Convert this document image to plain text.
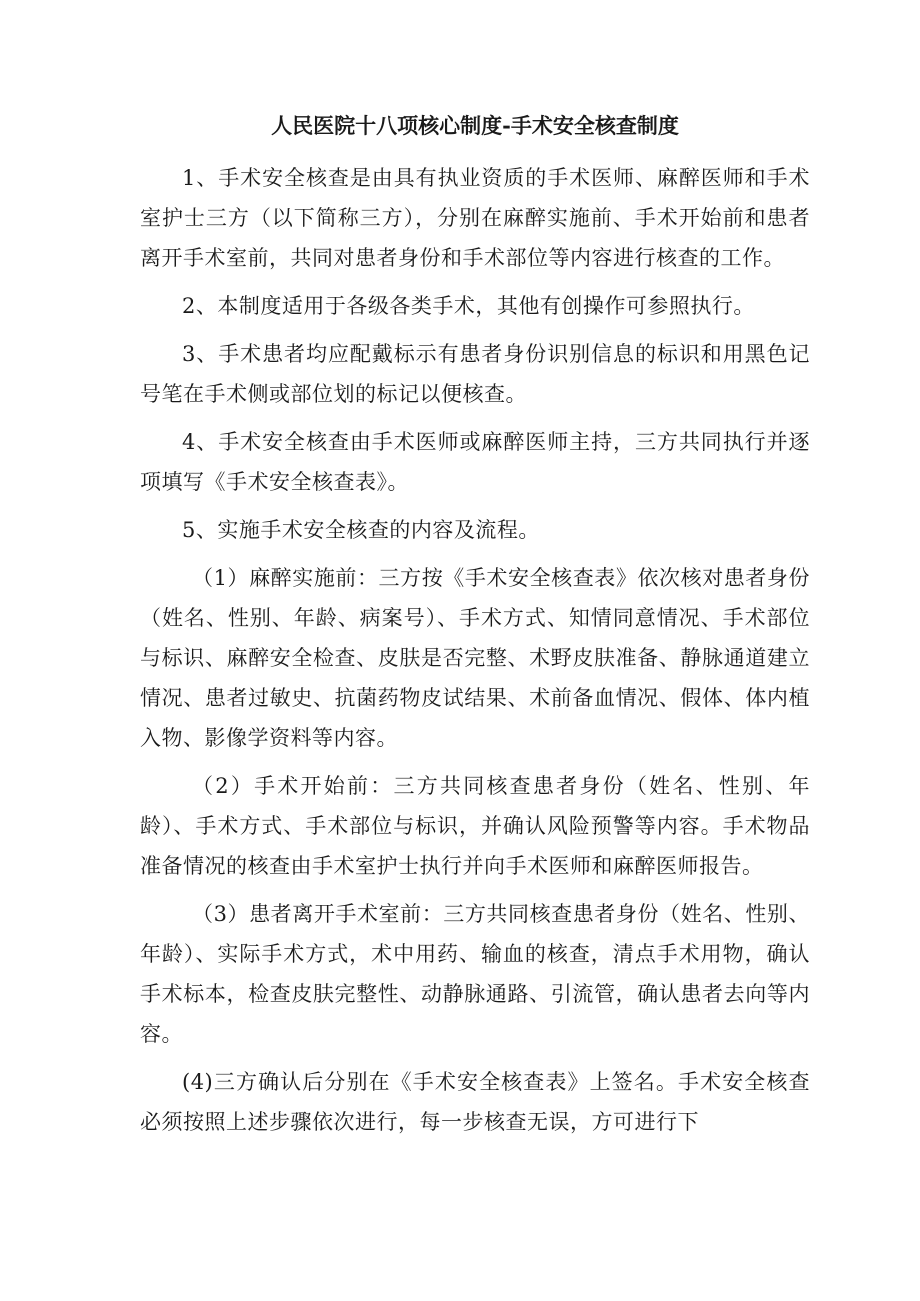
人民医院十八项核心制度-手术安全核查制度

1、手术安全核查是由具有执业资质的手术医师、麻醉医师和手术室护士三方（以下简称三方），分别在麻醉实施前、手术开始前和患者离开手术室前，共同对患者身份和手术部位等内容进行核查的工作。

2、本制度适用于各级各类手术，其他有创操作可参照执行。

3、手术患者均应配戴标示有患者身份识别信息的标识和用黑色记号笔在手术侧或部位划的标记以便核查。

4、手术安全核查由手术医师或麻醉医师主持，三方共同执行并逐项填写《手术安全核查表》。

5、实施手术安全核查的内容及流程。

（1）麻醉实施前：三方按《手术安全核查表》依次核对患者身份（姓名、性别、年龄、病案号）、手术方式、知情同意情况、手术部位与标识、麻醉安全检查、皮肤是否完整、术野皮肤准备、静脉通道建立情况、患者过敏史、抗菌药物皮试结果、术前备血情况、假体、体内植入物、影像学资料等内容。

（2）手术开始前：三方共同核查患者身份（姓名、性别、年龄）、手术方式、手术部位与标识，并确认风险预警等内容。手术物品准备情况的核查由手术室护士执行并向手术医师和麻醉医师报告。

（3）患者离开手术室前：三方共同核查患者身份（姓名、性别、年龄）、实际手术方式，术中用药、输血的核查，清点手术用物，确认手术标本，检查皮肤完整性、动静脉通路、引流管，确认患者去向等内容。

(4)三方确认后分别在《手术安全核查表》上签名。手术安全核查必须按照上述步骤依次进行，每一步核查无误，方可进行下
